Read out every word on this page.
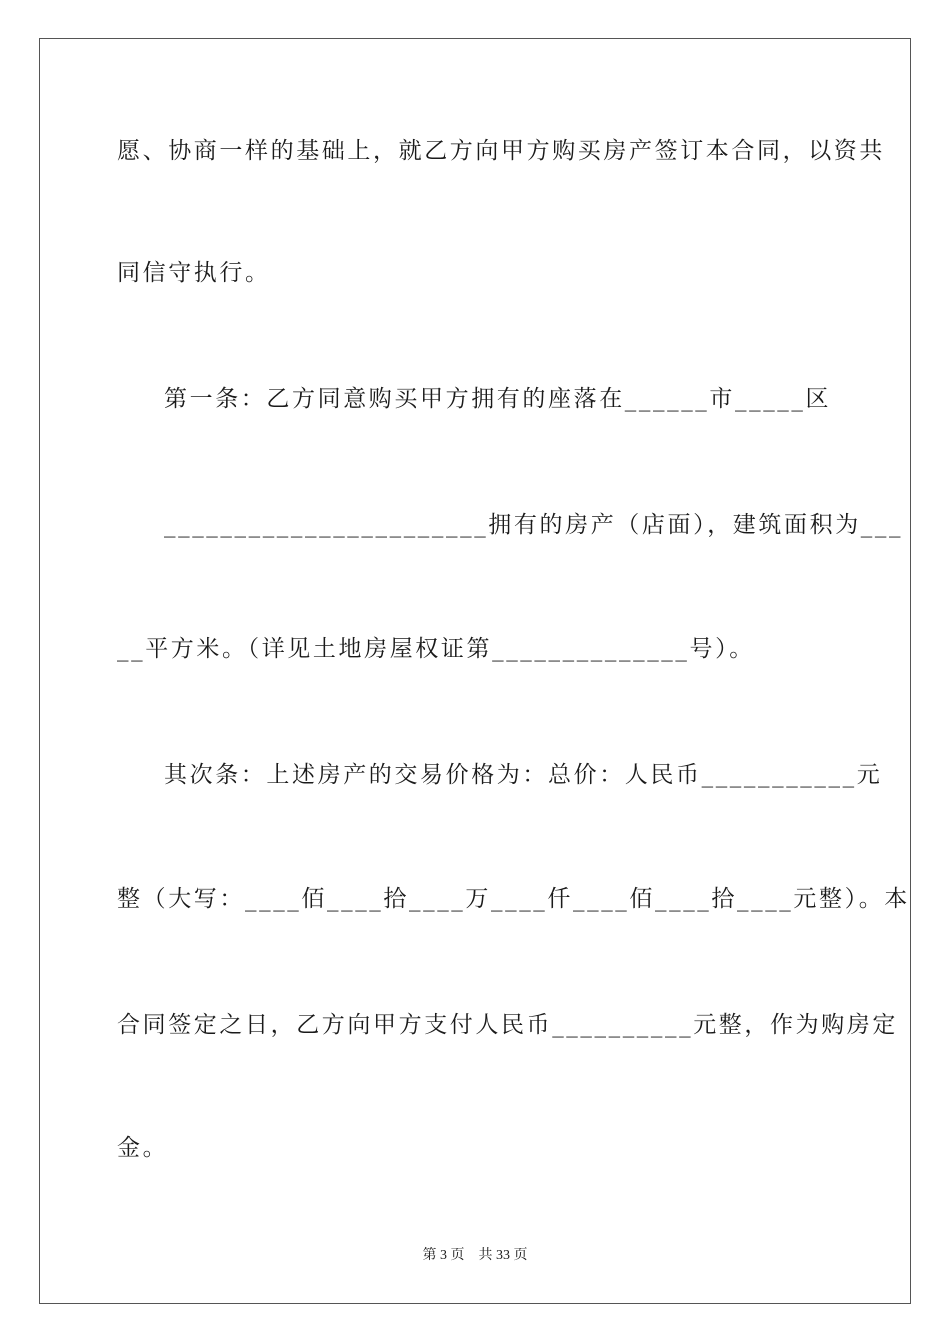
愿、协商一样的基础上，就乙方向甲方购买房产签订本合同，以资共
同信守执行。
第一条：乙方同意购买甲方拥有的座落在______市_____区
_______________________拥有的房产（店面），建筑面积为___
__平方米。（详见土地房屋权证第______________号）。
其次条：上述房产的交易价格为：总价：人民币___________元
整（大写：____佰____拾____万____仟____佰____拾____元整）。本
合同签定之日，乙方向甲方支付人民币__________元整，作为购房定
金。
第 3 页    共 33 页
